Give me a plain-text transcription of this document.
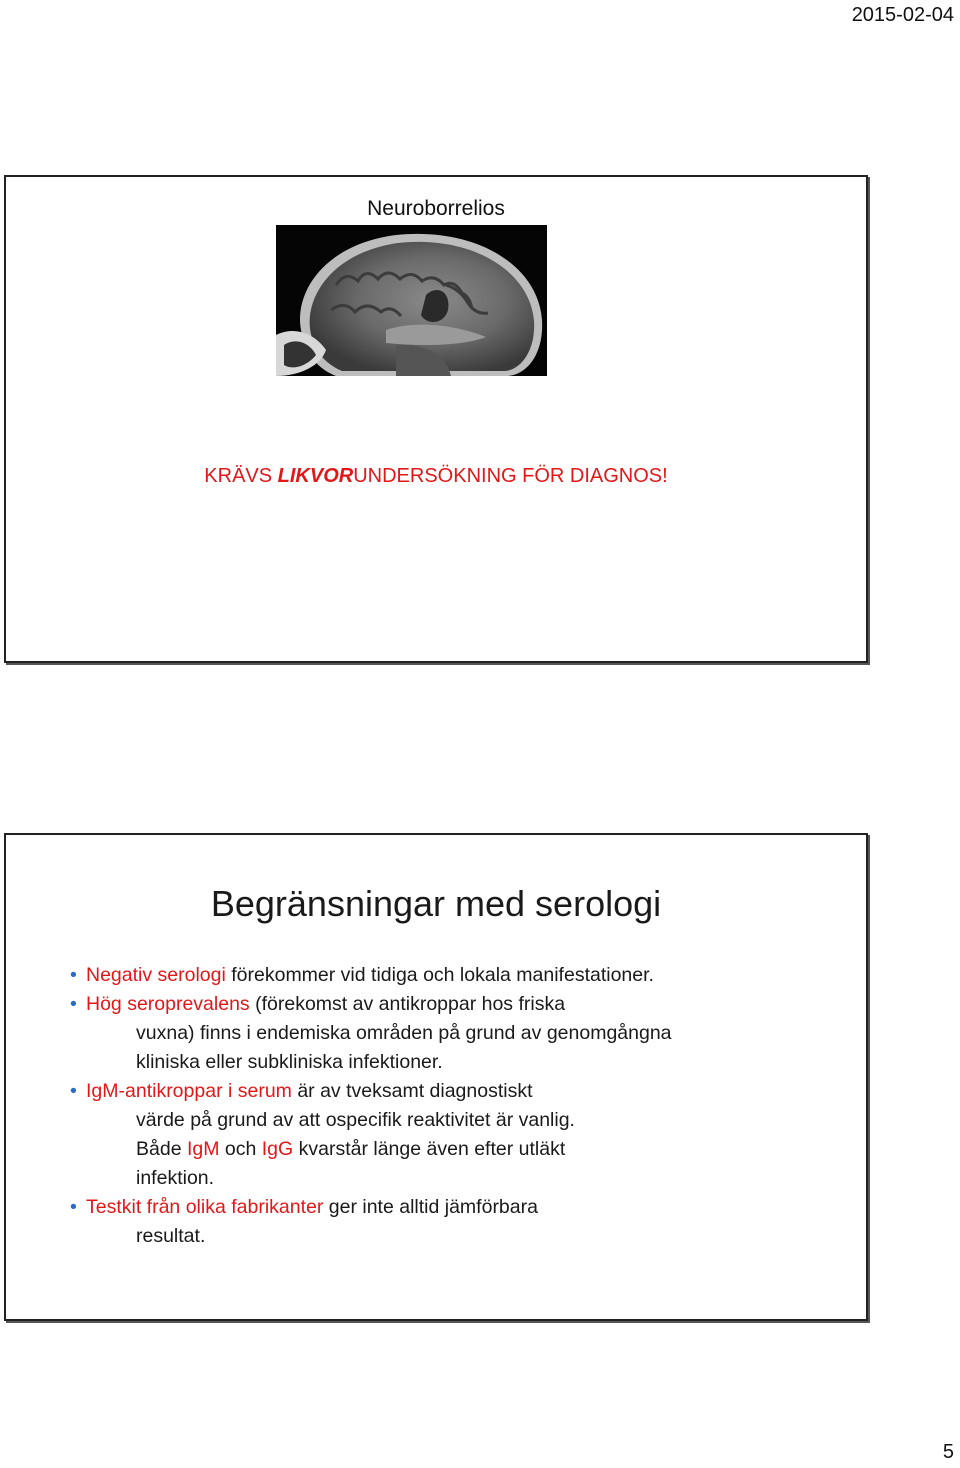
2015-02-04
Neuroborrelios
KRÄVS LIKVORUNDERSÖKNING FÖR DIAGNOS!
Begränsningar med serologi
• Negativ serologi förekommer vid tidiga och lokala manifestationer.
• Hög seroprevalens (förekomst av antikroppar hos friska
vuxna) finns i endemiska områden på grund av genomgångna
kliniska eller subkliniska infektioner.
• IgM-antikroppar i serum är av tveksamt diagnostiskt
värde på grund av att ospecifik reaktivitet är vanlig.
Både IgM och IgG kvarstår länge även efter utläkt
infektion.
• Testkit från olika fabrikanter ger inte alltid jämförbara
resultat.
5
